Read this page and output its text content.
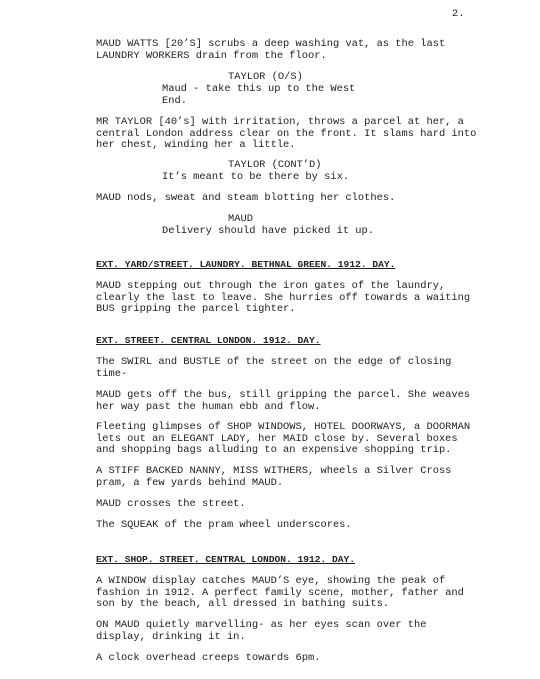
2.

MAUD WATTS [20’S] scrubs a deep washing vat, as the last
LAUNDRY WORKERS drain from the floor.

TAYLOR (O/S)

Maud - take this up to the West
End.

MR TAYLOR [40’s] with irritation, throws a parcel at her, a
central London address clear on the front. It slams hard into
her chest, winding her a little.

TAYLOR (CONT’D)

It’s meant to be there by six.

MAUD nods, sweat and steam blotting her clothes.

MAUD

Delivery should have picked it up.

EXT. YARD/STREET. LAUNDRY. BETHNAL GREEN. 1912. DAY.

MAUD stepping out through the iron gates of the laundry,
clearly the last to leave. She hurries off towards a waiting
BUS gripping the parcel tighter.

EXT. STREET. CENTRAL LONDON. 1912. DAY.

The SWIRL and BUSTLE of the street on the edge of closing
time-

MAUD gets off the bus, still gripping the parcel. She weaves
her way past the human ebb and flow.

Fleeting glimpses of SHOP WINDOWS, HOTEL DOORWAYS, a DOORMAN
lets out an ELEGANT LADY, her MAID close by. Several boxes
and shopping bags alluding to an expensive shopping trip.

A STIFF BACKED NANNY, MISS WITHERS, wheels a Silver Cross
pram, a few yards behind MAUD.

MAUD crosses the street.

The SQUEAK of the pram wheel underscores.

EXT. SHOP. STREET. CENTRAL LONDON. 1912. DAY.

A WINDOW display catches MAUD’S eye, showing the peak of
fashion in 1912. A perfect family scene, mother, father and
son by the beach, all dressed in bathing suits.

ON MAUD quietly marvelling- as her eyes scan over the
display, drinking it in.

A clock overhead creeps towards 6pm.
